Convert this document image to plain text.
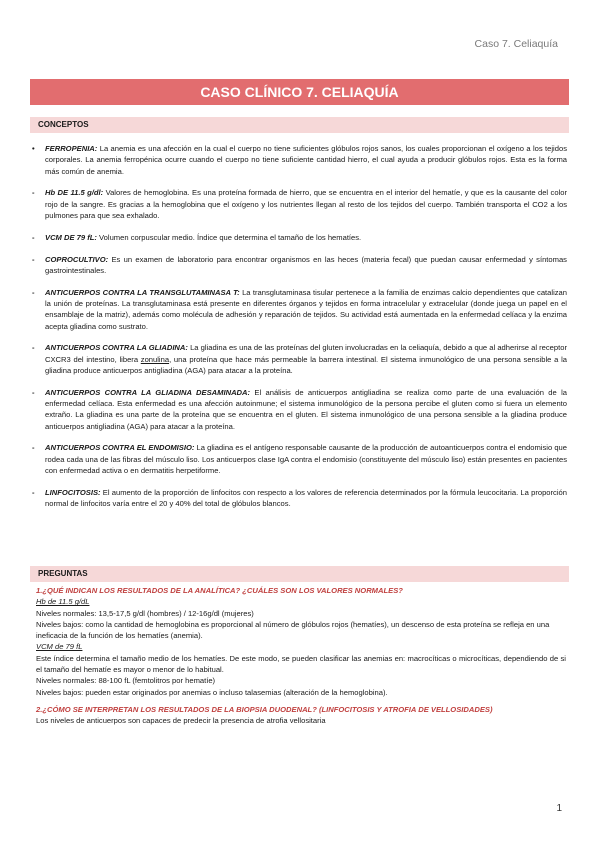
Caso 7. Celiaquía
CASO CLÍNICO 7. CELIAQUÍA
CONCEPTOS
•	FERROPENIA: La anemia es una afección en la cual el cuerpo no tiene suficientes glóbulos rojos sanos, los cuales proporcionan el oxígeno a los tejidos corporales. La anemia ferropénica ocurre cuando el cuerpo no tiene suficiente cantidad hierro, el cual ayuda a producir glóbulos rojos. Esta es la forma más común de anemia.
-	Hb DE 11.5 g/dl: Valores de hemoglobina. Es una proteína formada de hierro, que se encuentra en el interior del hematíe, y que es la causante del color rojo de la sangre. Es gracias a la hemoglobina que el oxígeno y los nutrientes llegan al resto de los tejidos del cuerpo. También transporta el CO2 a los pulmones para que sea exhalado.
-	VCM DE 79 fL: Volumen corpuscular medio. Índice que determina el tamaño de los hematíes.
-	COPROCULTIVO: Es un examen de laboratorio para encontrar organismos en las heces (materia fecal) que puedan causar enfermedad y síntomas gastrointestinales.
-	ANTICUERPOS CONTRA LA TRANSGLUTAMINASA T: La transglutaminasa tisular pertenece a la familia de enzimas calcio dependientes que catalizan la unión de proteínas. La transglutaminasa está presente en diferentes órganos y tejidos en forma intracelular y extracelular (donde juega un papel en el ensamblaje de la matriz), además como molécula de adhesión y reparación de tejidos. Su actividad está aumentada en la enfermedad celíaca y la enzima acepta gliadina como sustrato.
-	ANTICUERPOS CONTRA LA GLIADINA: La gliadina es una de las proteínas del gluten involucradas en la celiaquía, debido a que al adherirse al receptor CXCR3 del intestino, libera zonulina, una proteína que hace más permeable la barrera intestinal. El sistema inmunológico de una persona sensible a la gliadina produce anticuerpos antigliadina (AGA) para atacar a la proteína.
-	ANTICUERPOS CONTRA LA GLIADINA DESAMINADA: El análisis de anticuerpos antigliadina se realiza como parte de una evaluación de la enfermedad celíaca. Esta enfermedad es una afección autoinmune; el sistema inmunológico de la persona percibe el gluten como si fuera un elemento extraño. La gliadina es una parte de la proteína que se encuentra en el gluten. El sistema inmunológico de una persona sensible a la gliadina produce anticuerpos antigliadina (AGA) para atacar a la proteína.
-	ANTICUERPOS CONTRA EL ENDOMISIO: La gliadina es el antígeno responsable causante de la producción de autoanticuerpos contra el endomisio que rodea cada una de las fibras del músculo liso. Los anticuerpos clase IgA contra el endomisio (constituyente del músculo liso) están presentes en pacientes con enfermedad activa o en dermatitis herpetiforme.
-	LINFOCITOSIS: El aumento de la proporción de linfocitos con respecto a los valores de referencia determinados por la fórmula leucocitaria. La proporción normal de linfocitos varía entre el 20 y 40% del total de glóbulos blancos.
PREGUNTAS
1.¿QUÉ INDICAN LOS RESULTADOS DE LA ANALÍTICA? ¿CUÁLES SON LOS VALORES NORMALES?
Hb de 11.5 g/dL
Niveles normales: 13,5-17,5 g/dl (hombres) / 12-16g/dl (mujeres)
Niveles bajos: como la cantidad de hemoglobina es proporcional al número de glóbulos rojos (hematíes), un descenso de esta proteína se refleja en una ineficacia de la función de los hematíes (anemia).
VCM de 79 fL
Este índice determina el tamaño medio de los hematíes. De este modo, se pueden clasificar las anemias en: macrocíticas o microcíticas, dependiendo de si el tamaño del hematíe es mayor o menor de lo habitual.
Niveles normales: 88-100 fL (femtolitros por hematíe)
Niveles bajos: pueden estar originados por anemias o incluso talasemias (alteración de la hemoglobina).
2.¿CÓMO SE INTERPRETAN LOS RESULTADOS DE LA BIOPSIA DUODENAL? (LINFOCITOSIS Y ATROFIA DE VELLOSIDADES)
Los niveles de anticuerpos son capaces de predecir la presencia de atrofia vellositaria
1
